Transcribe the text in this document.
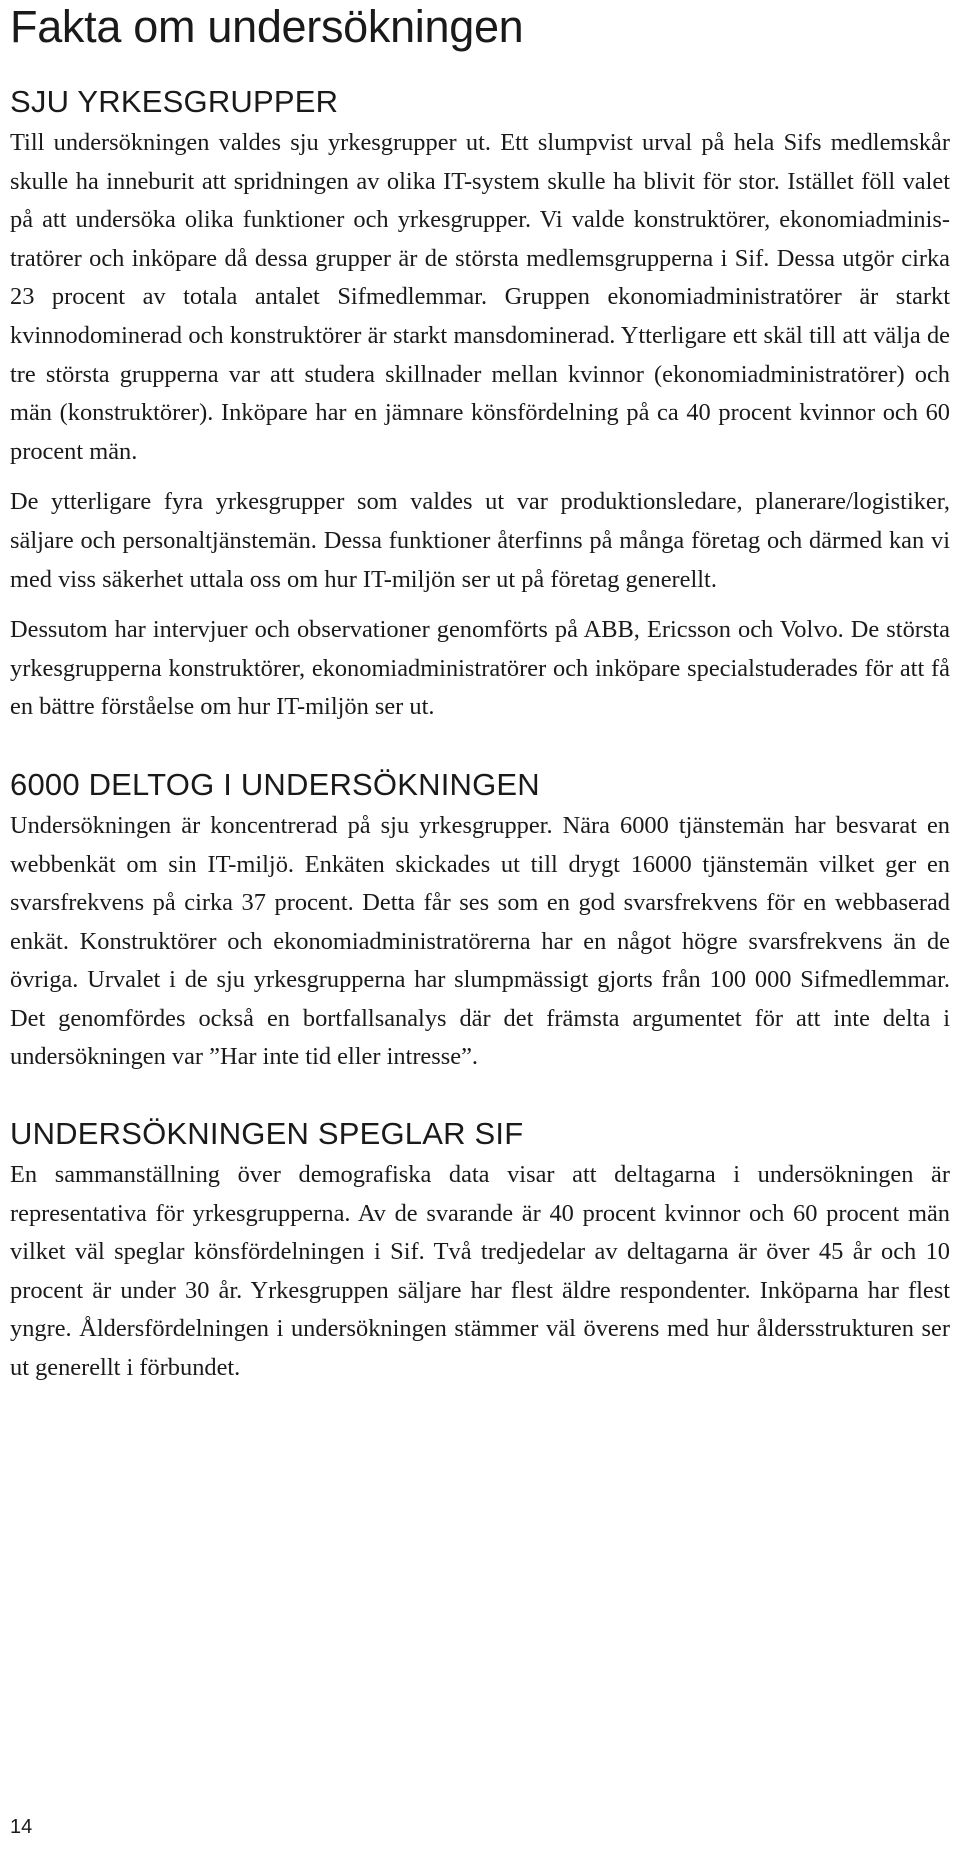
Fakta om undersökningen
SJU YRKESGRUPPER

Till undersökningen valdes sju yrkesgrupper ut. Ett slumpvist urval på hela Sifs medlemskår skulle ha inneburit att spridningen av olika IT-system skulle ha blivit för stor. Istället föll valet på att undersöka olika funktioner och yrkesgrupper. Vi valde konstruktörer, ekonomiadministratörer och inköpare då dessa grupper är de största medlemsgrupperna i Sif. Dessa utgör cirka 23 procent av totala antalet Sifmedlemmar. Gruppen ekonomiadministratörer är starkt kvinnodominerad och konstruktörer är starkt mansdominerad. Ytterligare ett skäl till att välja de tre största grupperna var att studera skillnader mellan kvinnor (ekonomiadministratörer) och män (konstruktörer). Inköpare har en jämnare könsfördelning på ca 40 procent kvinnor och 60 procent män.

De ytterligare fyra yrkesgrupper som valdes ut var produktionsledare, planerare/logistiker, säljare och personaltjänstemän. Dessa funktioner återfinns på många företag och därmed kan vi med viss säkerhet uttala oss om hur IT-miljön ser ut på företag generellt.

Dessutom har intervjuer och observationer genomförts på ABB, Ericsson och Volvo. De största yrkesgrupperna konstruktörer, ekonomiadministratörer och inköpare specialstuderades för att få en bättre förståelse om hur IT-miljön ser ut.

6000 DELTOG I UNDERSÖKNINGEN

Undersökningen är koncentrerad på sju yrkesgrupper. Nära 6000 tjänstemän har besvarat en webbenkät om sin IT-miljö. Enkäten skickades ut till drygt 16000 tjänstemän vilket ger en svarsfrekvens på cirka 37 procent. Detta får ses som en god svarsfrekvens för en webbaserad enkät. Konstruktörer och ekonomiadministratörerna har en något högre svarsfrekvens än de övriga. Urvalet i de sju yrkesgrupperna har slumpmässigt gjorts från 100 000 Sifmedlemmar. Det genomfördes också en bortfallsanalys där det främsta argumentet för att inte delta i undersökningen var ”Har inte tid eller intresse”.

UNDERSÖKNINGEN SPEGLAR SIF

En sammanställning över demografiska data visar att deltagarna i undersökningen är representativa för yrkesgrupperna. Av de svarande är 40 procent kvinnor och 60 procent män vilket väl speglar könsfördelningen i Sif. Två tredjedelar av deltagarna är över 45 år och 10 procent är under 30 år. Yrkesgruppen säljare har flest äldre respondenter. Inköparna har flest yngre. Åldersfördelningen i undersökningen stämmer väl överens med hur åldersstrukturen ser ut generellt i förbundet.

14
